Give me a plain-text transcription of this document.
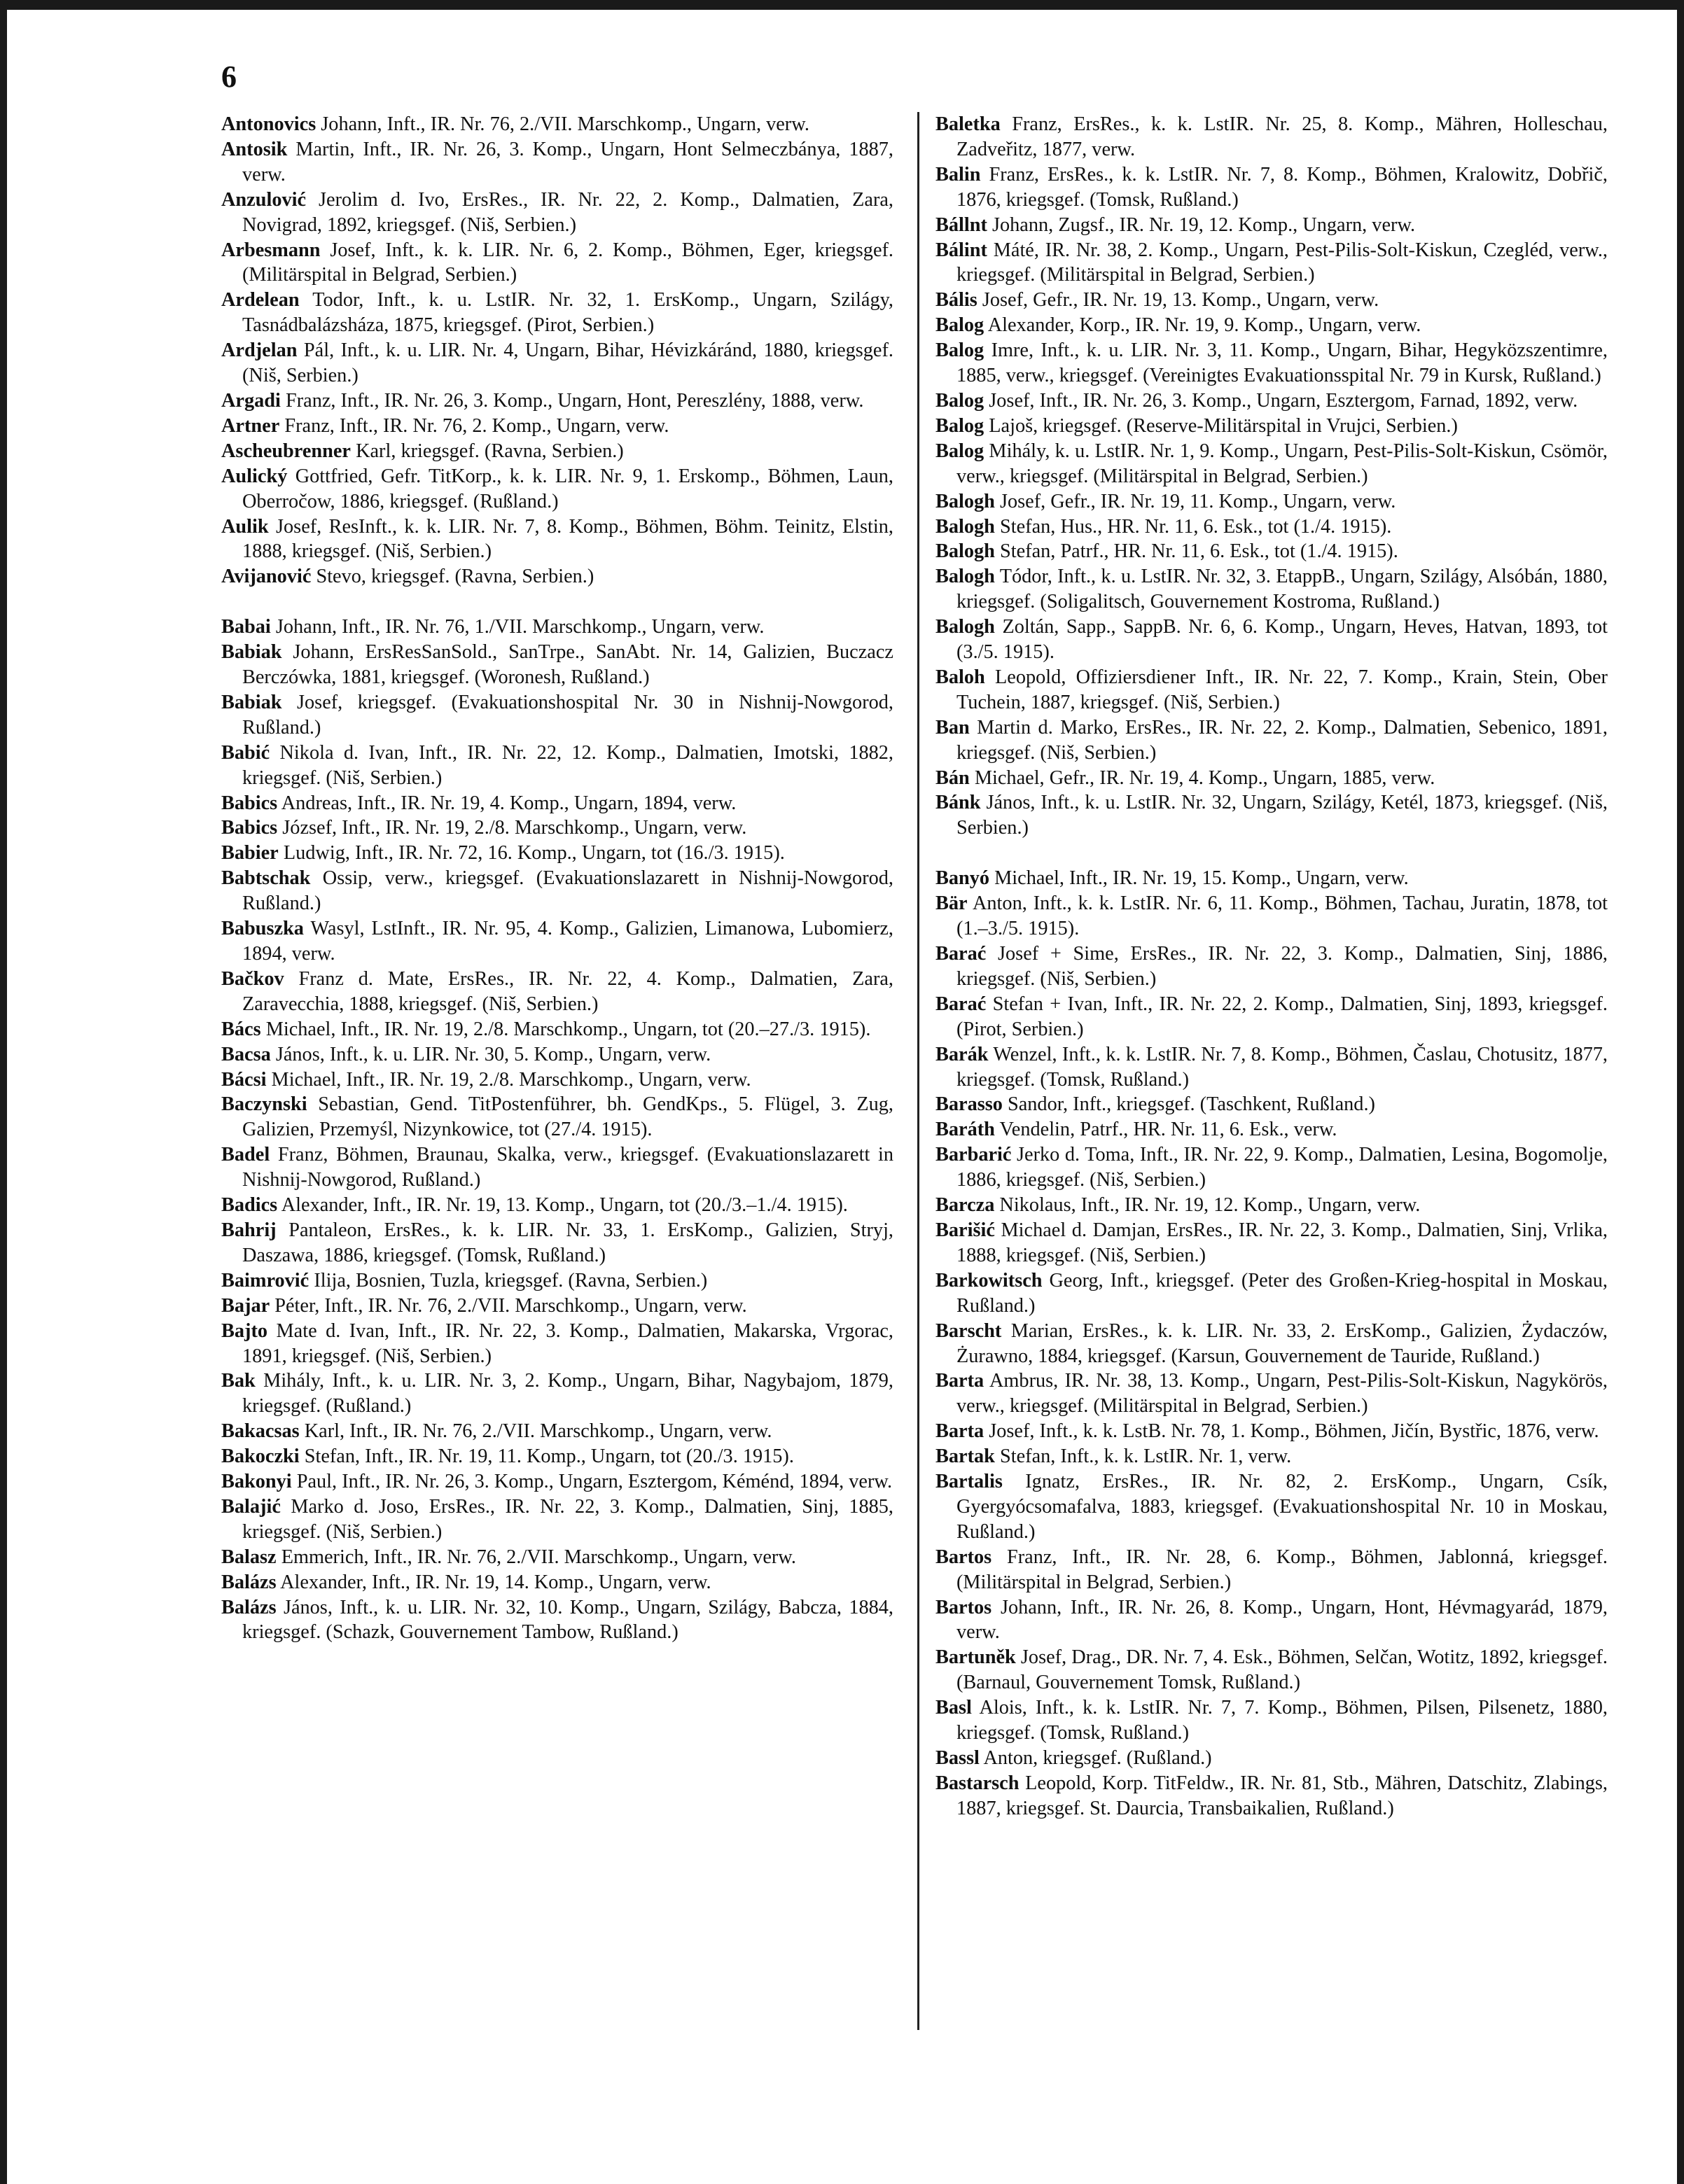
6

Antonovics Johann, Inft., IR. Nr. 76, 2./VII. Marschkomp., Ungarn, verw.

Antosik Martin, Inft., IR. Nr. 26, 3. Komp., Ungarn, Hont Selmeczbánya, 1887, verw.

Anzulović Jerolim d. Ivo, ErsRes., IR. Nr. 22, 2. Komp., Dalmatien, Zara, Novigrad, 1892, kriegsgef. (Niš, Serbien.)

Arbesmann Josef, Inft., k. k. LIR. Nr. 6, 2. Komp., Böhmen, Eger, kriegsgef. (Militärspital in Belgrad, Serbien.)

Ardelean Todor, Inft., k. u. LstIR. Nr. 32, 1. ErsKomp., Ungarn, Szilágy, Tasnádbalázsháza, 1875, kriegsgef. (Pirot, Serbien.)

Ardjelan Pál, Inft., k. u. LIR. Nr. 4, Ungarn, Bihar, Hévizkáránd, 1880, kriegsgef. (Niš, Serbien.)

Argadi Franz, Inft., IR. Nr. 26, 3. Komp., Ungarn, Hont, Pereszlény, 1888, verw.

Artner Franz, Inft., IR. Nr. 76, 2. Komp., Ungarn, verw.

Ascheubrenner Karl, kriegsgef. (Ravna, Serbien.)

Aulický Gottfried, Gefr. TitKorp., k. k. LIR. Nr. 9, 1. Erskomp., Böhmen, Laun, Oberročow, 1886, kriegsgef. (Rußland.)

Aulik Josef, ResInft., k. k. LIR. Nr. 7, 8. Komp., Böhmen, Böhm. Teinitz, Elstin, 1888, kriegsgef. (Niš, Serbien.)

Avijanović Stevo, kriegsgef. (Ravna, Serbien.)

Babai Johann, Inft., IR. Nr. 76, 1./VII. Marschkomp., Ungarn, verw.

Babiak Johann, ErsResSanSold., SanTrpe., SanAbt. Nr. 14, Galizien, Buczacz Berczówka, 1881, kriegsgef. (Woronesh, Rußland.)

Babiak Josef, kriegsgef. (Evakuationshospital Nr. 30 in Nishnij-Nowgorod, Rußland.)

Babić Nikola d. Ivan, Inft., IR. Nr. 22, 12. Komp., Dalmatien, Imotski, 1882, kriegsgef. (Niš, Serbien.)

Babics Andreas, Inft., IR. Nr. 19, 4. Komp., Ungarn, 1894, verw.

Babics József, Inft., IR. Nr. 19, 2./8. Marschkomp., Ungarn, verw.

Babier Ludwig, Inft., IR. Nr. 72, 16. Komp., Ungarn, tot (16./3. 1915).

Babtschak Ossip, verw., kriegsgef. (Evakuationslazarett in Nishnij-Nowgorod, Rußland.)

Babuszka Wasyl, LstInft., IR. Nr. 95, 4. Komp., Galizien, Limanowa, Lubomierz, 1894, verw.

Bačkov Franz d. Mate, ErsRes., IR. Nr. 22, 4. Komp., Dalmatien, Zara, Zaravecchia, 1888, kriegsgef. (Niš, Serbien.)

Bács Michael, Inft., IR. Nr. 19, 2./8. Marschkomp., Ungarn, tot (20.–27./3. 1915).

Bacsa János, Inft., k. u. LIR. Nr. 30, 5. Komp., Ungarn, verw.

Bácsi Michael, Inft., IR. Nr. 19, 2./8. Marschkomp., Ungarn, verw.

Baczynski Sebastian, Gend. TitPostenführer, bh. GendKps., 5. Flügel, 3. Zug, Galizien, Przemyśl, Nizynkowice, tot (27./4. 1915).

Badel Franz, Böhmen, Braunau, Skalka, verw., kriegsgef. (Evakuationslazarett in Nishnij-Nowgorod, Rußland.)

Badics Alexander, Inft., IR. Nr. 19, 13. Komp., Ungarn, tot (20./3.–1./4. 1915).

Bahrij Pantaleon, ErsRes., k. k. LIR. Nr. 33, 1. ErsKomp., Galizien, Stryj, Daszawa, 1886, kriegsgef. (Tomsk, Rußland.)

Baimrović Ilija, Bosnien, Tuzla, kriegsgef. (Ravna, Serbien.)

Bajar Péter, Inft., IR. Nr. 76, 2./VII. Marschkomp., Ungarn, verw.

Bajto Mate d. Ivan, Inft., IR. Nr. 22, 3. Komp., Dalmatien, Makarska, Vrgorac, 1891, kriegsgef. (Niš, Serbien.)

Bak Mihály, Inft., k. u. LIR. Nr. 3, 2. Komp., Ungarn, Bihar, Nagybajom, 1879, kriegsgef. (Rußland.)

Bakacsas Karl, Inft., IR. Nr. 76, 2./VII. Marschkomp., Ungarn, verw.

Bakoczki Stefan, Inft., IR. Nr. 19, 11. Komp., Ungarn, tot (20./3. 1915).

Bakonyi Paul, Inft., IR. Nr. 26, 3. Komp., Ungarn, Esztergom, Kéménd, 1894, verw.

Balajić Marko d. Joso, ErsRes., IR. Nr. 22, 3. Komp., Dalmatien, Sinj, 1885, kriegsgef. (Niš, Serbien.)

Balasz Emmerich, Inft., IR. Nr. 76, 2./VII. Marschkomp., Ungarn, verw.

Balázs Alexander, Inft., IR. Nr. 19, 14. Komp., Ungarn, verw.

Balázs János, Inft., k. u. LIR. Nr. 32, 10. Komp., Ungarn, Szilágy, Babcza, 1884, kriegsgef. (Schazk, Gouvernement Tambow, Rußland.)

Baletka Franz, ErsRes., k. k. LstIR. Nr. 25, 8. Komp., Mähren, Holleschau, Zadveřitz, 1877, verw.

Balin Franz, ErsRes., k. k. LstIR. Nr. 7, 8. Komp., Böhmen, Kralowitz, Dobřič, 1876, kriegsgef. (Tomsk, Rußland.)

Bállnt Johann, Zugsf., IR. Nr. 19, 12. Komp., Ungarn, verw.

Bálint Máté, IR. Nr. 38, 2. Komp., Ungarn, Pest-Pilis-Solt-Kiskun, Czegléd, verw., kriegsgef. (Militärspital in Belgrad, Serbien.)

Bális Josef, Gefr., IR. Nr. 19, 13. Komp., Ungarn, verw.

Balog Alexander, Korp., IR. Nr. 19, 9. Komp., Ungarn, verw.

Balog Imre, Inft., k. u. LIR. Nr. 3, 11. Komp., Ungarn, Bihar, Hegyközszentimre, 1885, verw., kriegsgef. (Vereinigtes Evakuationsspital Nr. 79 in Kursk, Rußland.)

Balog Josef, Inft., IR. Nr. 26, 3. Komp., Ungarn, Esztergom, Farnad, 1892, verw.

Balog Lajoš, kriegsgef. (Reserve-Militärspital in Vrujci, Serbien.)

Balog Mihály, k. u. LstIR. Nr. 1, 9. Komp., Ungarn, Pest-Pilis-Solt-Kiskun, Csömör, verw., kriegsgef. (Militärspital in Belgrad, Serbien.)

Balogh Josef, Gefr., IR. Nr. 19, 11. Komp., Ungarn, verw.

Balogh Stefan, Hus., HR. Nr. 11, 6. Esk., tot (1./4. 1915).

Balogh Stefan, Patrf., HR. Nr. 11, 6. Esk., tot (1./4. 1915).

Balogh Tódor, Inft., k. u. LstIR. Nr. 32, 3. EtappB., Ungarn, Szilágy, Alsóbán, 1880, kriegsgef. (Soligalitsch, Gouvernement Kostroma, Rußland.)

Balogh Zoltán, Sapp., SappB. Nr. 6, 6. Komp., Ungarn, Heves, Hatvan, 1893, tot (3./5. 1915).

Baloh Leopold, Offiziersdiener Inft., IR. Nr. 22, 7. Komp., Krain, Stein, Ober Tuchein, 1887, kriegsgef. (Niš, Serbien.)

Ban Martin d. Marko, ErsRes., IR. Nr. 22, 2. Komp., Dalmatien, Sebenico, 1891, kriegsgef. (Niš, Serbien.)

Bán Michael, Gefr., IR. Nr. 19, 4. Komp., Ungarn, 1885, verw.

Bánk János, Inft., k. u. LstIR. Nr. 32, Ungarn, Szilágy, Ketél, 1873, kriegsgef. (Niš, Serbien.)

Banyó Michael, Inft., IR. Nr. 19, 15. Komp., Ungarn, verw.

Bär Anton, Inft., k. k. LstIR. Nr. 6, 11. Komp., Böhmen, Tachau, Juratin, 1878, tot (1.–3./5. 1915).

Barać Josef + Sime, ErsRes., IR. Nr. 22, 3. Komp., Dalmatien, Sinj, 1886, kriegsgef. (Niš, Serbien.)

Barać Stefan + Ivan, Inft., IR. Nr. 22, 2. Komp., Dalmatien, Sinj, 1893, kriegsgef. (Pirot, Serbien.)

Barák Wenzel, Inft., k. k. LstIR. Nr. 7, 8. Komp., Böhmen, Časlau, Chotusitz, 1877, kriegsgef. (Tomsk, Rußland.)

Barasso Sandor, Inft., kriegsgef. (Taschkent, Rußland.)

Baráth Vendelin, Patrf., HR. Nr. 11, 6. Esk., verw.

Barbarić Jerko d. Toma, Inft., IR. Nr. 22, 9. Komp., Dalmatien, Lesina, Bogomolje, 1886, kriegsgef. (Niš, Serbien.)

Barcza Nikolaus, Inft., IR. Nr. 19, 12. Komp., Ungarn, verw.

Barišić Michael d. Damjan, ErsRes., IR. Nr. 22, 3. Komp., Dalmatien, Sinj, Vrlika, 1888, kriegsgef. (Niš, Serbien.)

Barkowitsch Georg, Inft., kriegsgef. (Peter des Großen-Krieg-hospital in Moskau, Rußland.)

Barscht Marian, ErsRes., k. k. LIR. Nr. 33, 2. ErsKomp., Galizien, Żydaczów, Żurawno, 1884, kriegsgef. (Karsun, Gouvernement de Tauride, Rußland.)

Barta Ambrus, IR. Nr. 38, 13. Komp., Ungarn, Pest-Pilis-Solt-Kiskun, Nagykörös, verw., kriegsgef. (Militärspital in Belgrad, Serbien.)

Barta Josef, Inft., k. k. LstB. Nr. 78, 1. Komp., Böhmen, Jičín, Bystřic, 1876, verw.

Bartak Stefan, Inft., k. k. LstIR. Nr. 1, verw.

Bartalis Ignatz, ErsRes., IR. Nr. 82, 2. ErsKomp., Ungarn, Csík, Gyergyócsomafalva, 1883, kriegsgef. (Evakuationshospital Nr. 10 in Moskau, Rußland.)

Bartos Franz, Inft., IR. Nr. 28, 6. Komp., Böhmen, Jablonná, kriegsgef. (Militärspital in Belgrad, Serbien.)

Bartos Johann, Inft., IR. Nr. 26, 8. Komp., Ungarn, Hont, Hévmagyarád, 1879, verw.

Bartuněk Josef, Drag., DR. Nr. 7, 4. Esk., Böhmen, Selčan, Wotitz, 1892, kriegsgef. (Barnaul, Gouvernement Tomsk, Rußland.)

Basl Alois, Inft., k. k. LstIR. Nr. 7, 7. Komp., Böhmen, Pilsen, Pilsenetz, 1880, kriegsgef. (Tomsk, Rußland.)

Bassl Anton, kriegsgef. (Rußland.)

Bastarsch Leopold, Korp. TitFeldw., IR. Nr. 81, Stb., Mähren, Datschitz, Zlabings, 1887, kriegsgef. St. Daurcia, Transbaikalien, Rußland.)
